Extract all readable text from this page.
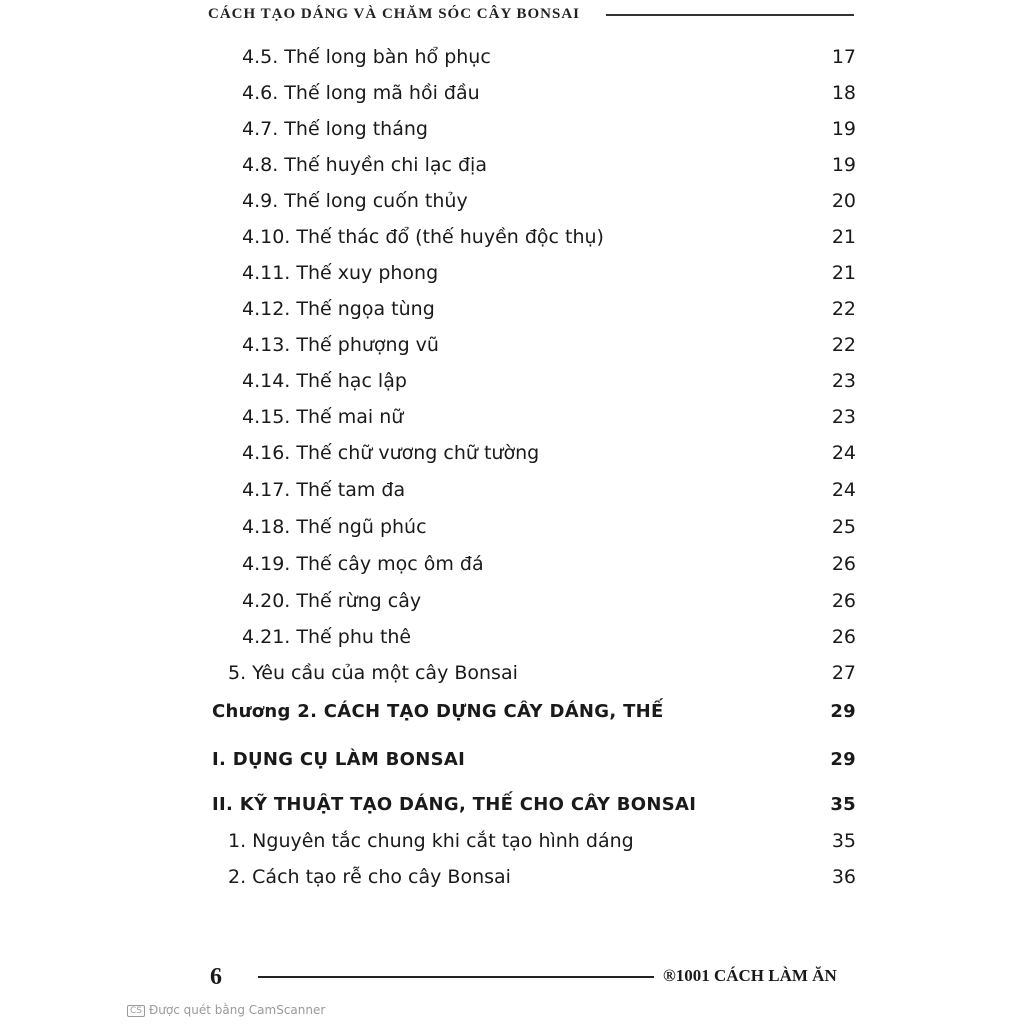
CÁCH TẠO DÁNG VÀ CHĂM SÓC CÂY BONSAI
4.5. Thế long bàn hổ phục	17
4.6. Thế long mã hồi đầu	18
4.7. Thế long tháng	19
4.8. Thế huyền chi lạc địa	19
4.9. Thế long cuốn thủy	20
4.10. Thế thác đổ (thế huyền độc thụ)	21
4.11. Thế xuy phong	21
4.12. Thế ngọa tùng	22
4.13. Thế phượng vũ	22
4.14. Thế hạc lập	23
4.15. Thế mai nữ	23
4.16. Thế chữ vương chữ tường	24
4.17. Thế tam đa	24
4.18. Thế ngũ phúc	25
4.19. Thế cây mọc ôm đá	26
4.20. Thế rừng cây	26
4.21. Thế phu thê	26
5. Yêu cầu của một cây Bonsai	27
Chương 2. CÁCH TẠO DỰNG CÂY DÁNG, THẾ	29
I. DỤNG CỤ LÀM BONSAI	29
II. KỸ THUẬT TẠO DÁNG, THẾ CHO CÂY BONSAI	35
1. Nguyên tắc chung khi cắt tạo hình dáng	35
2. Cách tạo rễ cho cây Bonsai	36
6	®1001 CÁCH LÀM ĂN
CS Được quét bằng CamScanner
